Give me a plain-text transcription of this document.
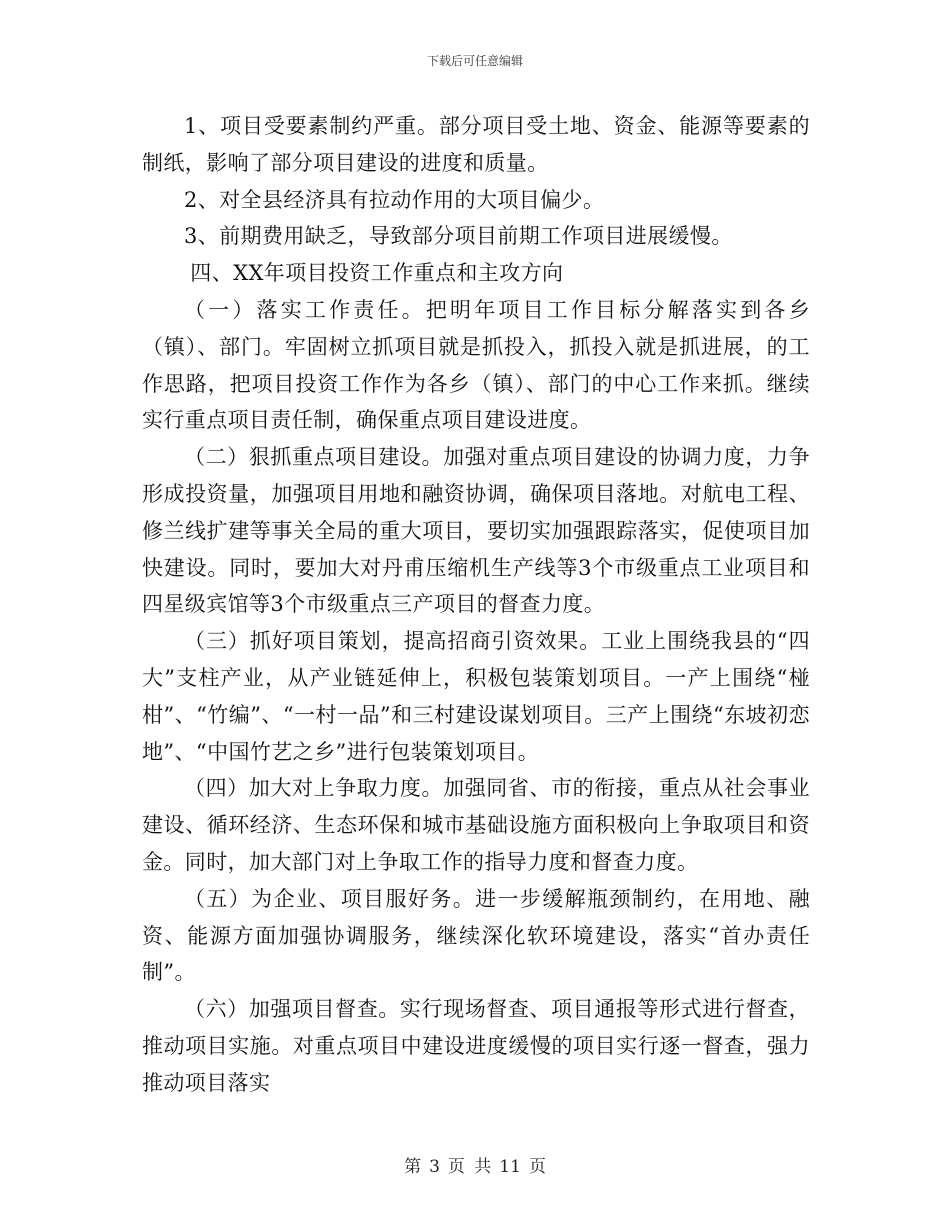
下载后可任意编辑

1、项目受要素制约严重。部分项目受土地、资金、能源等要素的制纸，影响了部分项目建设的进度和质量。

2、对全县经济具有拉动作用的大项目偏少。

3、前期费用缺乏，导致部分项目前期工作项目进展缓慢。

四、XX年项目投资工作重点和主攻方向

（一）落实工作责任。把明年项目工作目标分解落实到各乡（镇）、部门。牢固树立抓项目就是抓投入，抓投入就是抓进展，的工作思路，把项目投资工作作为各乡（镇）、部门的中心工作来抓。继续实行重点项目责任制，确保重点项目建设进度。

（二）狠抓重点项目建设。加强对重点项目建设的协调力度，力争形成投资量，加强项目用地和融资协调，确保项目落地。对航电工程、修兰线扩建等事关全局的重大项目，要切实加强跟踪落实，促使项目加快建设。同时，要加大对丹甫压缩机生产线等3个市级重点工业项目和四星级宾馆等3个市级重点三产项目的督查力度。

（三）抓好项目策划，提高招商引资效果。工业上围绕我县的“四大”支柱产业，从产业链延伸上，积极包装策划项目。一产上围绕“椪柑”、“竹编”、“一村一品”和三村建设谋划项目。三产上围绕“东坡初恋地”、“中国竹艺之乡”进行包装策划项目。

（四）加大对上争取力度。加强同省、市的衔接，重点从社会事业建设、循环经济、生态环保和城市基础设施方面积极向上争取项目和资金。同时，加大部门对上争取工作的指导力度和督查力度。

（五）为企业、项目服好务。进一步缓解瓶颈制约，在用地、融资、能源方面加强协调服务，继续深化软环境建设，落实“首办责任制”。

（六）加强项目督查。实行现场督查、项目通报等形式进行督查，推动项目实施。对重点项目中建设进度缓慢的项目实行逐一督查，强力推动项目落实

第 3 页 共 11 页
